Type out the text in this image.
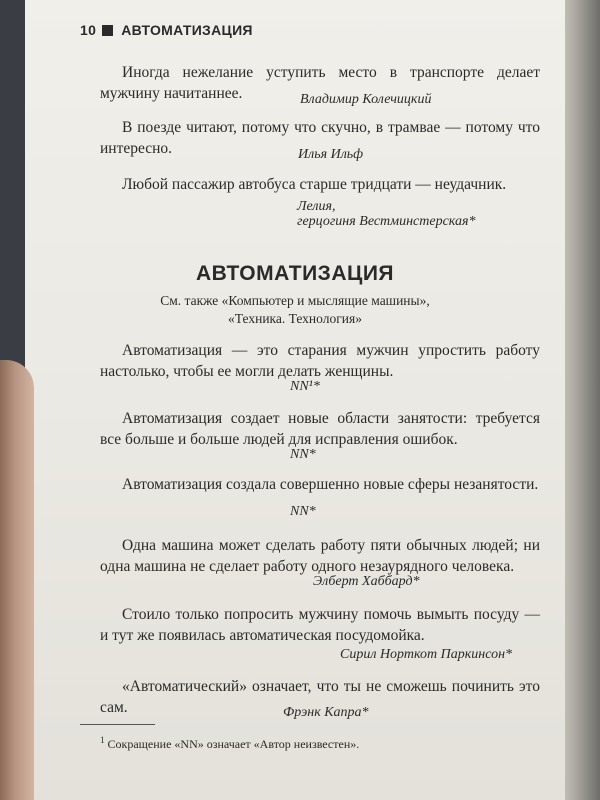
10 АВТОМАТИЗАЦИЯ

Иногда нежелание уступить место в транспорте делает мужчину начитаннее.	Владимир Колечицкий

В поезде читают, потому что скучно, в трамвае — потому что интересно.	Илья Ильф

Любой пассажир автобуса старше тридцати — неудачник.

Лелия,
герцогиня Вестминстерская*
АВТОМАТИЗАЦИЯ
См. также «Компьютер и мыслящие машины»,
«Техника. Технология»

Автоматизация — это старания мужчин упростить работу настолько, чтобы ее могли делать женщины.

NN¹*

Автоматизация создает новые области занятости: требуется все больше и больше людей для исправления ошибок.

NN*

Автоматизация создала совершенно новые сферы незанятости.

NN*

Одна машина может сделать работу пяти обычных людей; ни одна машина не сделает работу одного незаурядного человека.

Элберт Хаббард*

Стоило только попросить мужчину помочь вымыть посуду — и тут же появилась автоматическая посудомойка.

Сирил Норткот Паркинсон*

«Автоматический» означает, что ты не сможешь починить это сам.	Фрэнк Капра*
$^1$ Сокращение «NN» означает «Автор неизвестен».
